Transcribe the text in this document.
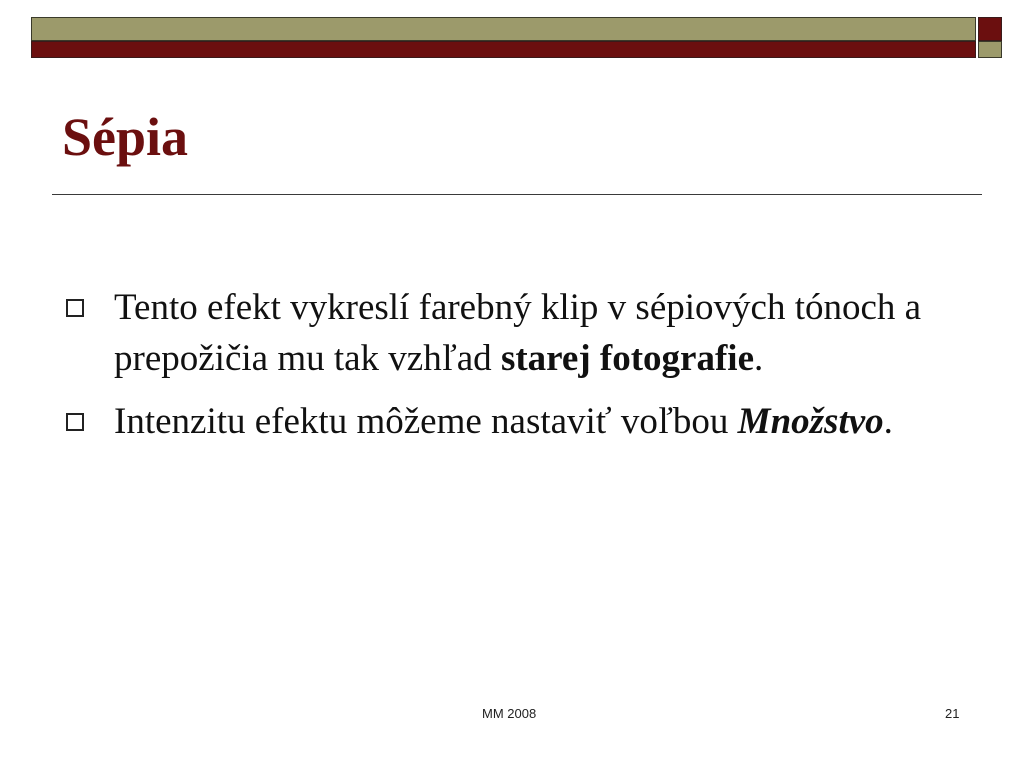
Sépia
Tento efekt vykreslí farebný klip v sépiových tónoch a prepožičia mu tak vzhľad starej fotografie.
Intenzitu efektu môžeme nastaviť voľbou Množstvo.
MM 2008	21
